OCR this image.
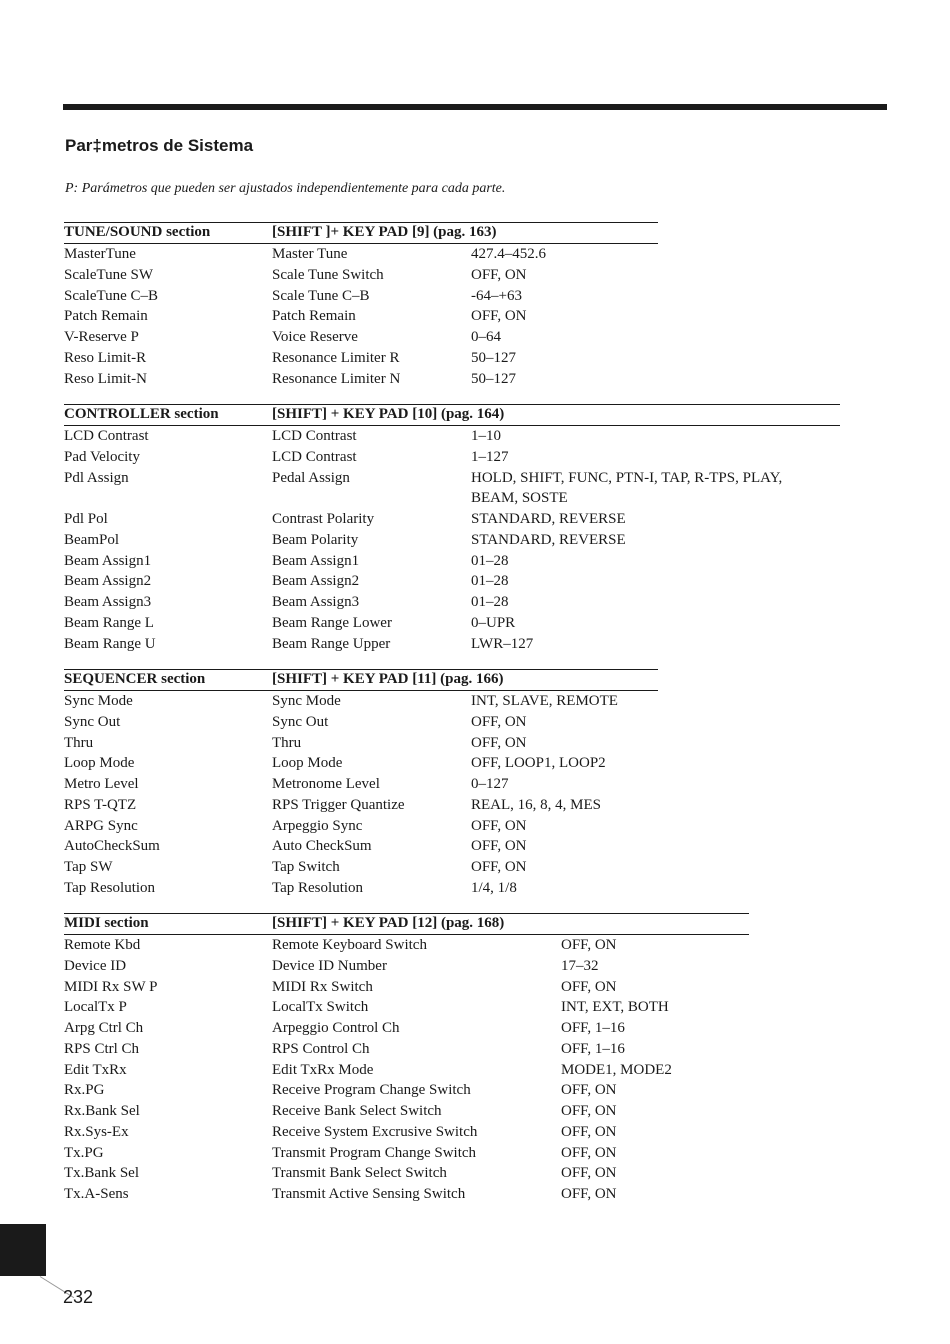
Par‡metros de Sistema
P: Parámetros que pueden ser ajustados independientemente para cada parte.
TUNE/SOUND section	[SHIFT ]+ KEY PAD [9] (pag. 163)
MasterTune	Master Tune	427.4–452.6
ScaleTune SW	Scale Tune Switch	OFF, ON
ScaleTune C–B	Scale Tune C–B	-64–+63
Patch Remain	Patch Remain	OFF, ON
V-Reserve P	Voice Reserve	0–64
Reso Limit-R	Resonance Limiter R	50–127
Reso Limit-N	Resonance Limiter N	50–127
CONTROLLER section	[SHIFT] + KEY PAD [10] (pag. 164)
LCD Contrast	LCD Contrast	1–10
Pad Velocity	LCD Contrast	1–127
Pdl Assign	Pedal Assign	HOLD, SHIFT, FUNC, PTN-I, TAP, R-TPS, PLAY,
BEAM, SOSTE
Pdl Pol	Contrast Polarity	STANDARD, REVERSE
BeamPol	Beam Polarity	STANDARD, REVERSE
Beam Assign1	Beam Assign1	01–28
Beam Assign2	Beam Assign2	01–28
Beam Assign3	Beam Assign3	01–28
Beam Range L	Beam Range Lower	0–UPR
Beam Range U	Beam Range Upper	LWR–127
SEQUENCER section	[SHIFT] + KEY PAD [11] (pag. 166)
Sync Mode	Sync Mode	INT, SLAVE, REMOTE
Sync Out	Sync Out	OFF, ON
Thru	Thru	OFF, ON
Loop Mode	Loop Mode	OFF, LOOP1, LOOP2
Metro Level	Metronome Level	0–127
RPS T-QTZ	RPS Trigger Quantize	REAL, 16, 8, 4, MES
ARPG Sync	Arpeggio Sync	OFF, ON
AutoCheckSum	Auto CheckSum	OFF, ON
Tap SW	Tap Switch	OFF, ON
Tap Resolution	Tap Resolution	1/4, 1/8
MIDI section	[SHIFT] + KEY PAD [12] (pag. 168)
Remote Kbd	Remote Keyboard Switch	OFF, ON
Device ID	Device ID Number	17–32
MIDI Rx SW P	MIDI Rx Switch	OFF, ON
LocalTx P	LocalTx Switch	INT, EXT, BOTH
Arpg Ctrl Ch	Arpeggio Control Ch	OFF, 1–16
RPS Ctrl Ch	RPS Control Ch	OFF, 1–16
Edit TxRx	Edit TxRx Mode	MODE1, MODE2
Rx.PG	Receive Program Change Switch	OFF, ON
Rx.Bank Sel	Receive Bank Select Switch	OFF, ON
Rx.Sys-Ex	Receive System Excrusive Switch	OFF, ON
Tx.PG	Transmit Program Change Switch	OFF, ON
Tx.Bank Sel	Transmit Bank Select Switch	OFF, ON
Tx.A-Sens	Transmit Active Sensing Switch	OFF, ON
232
